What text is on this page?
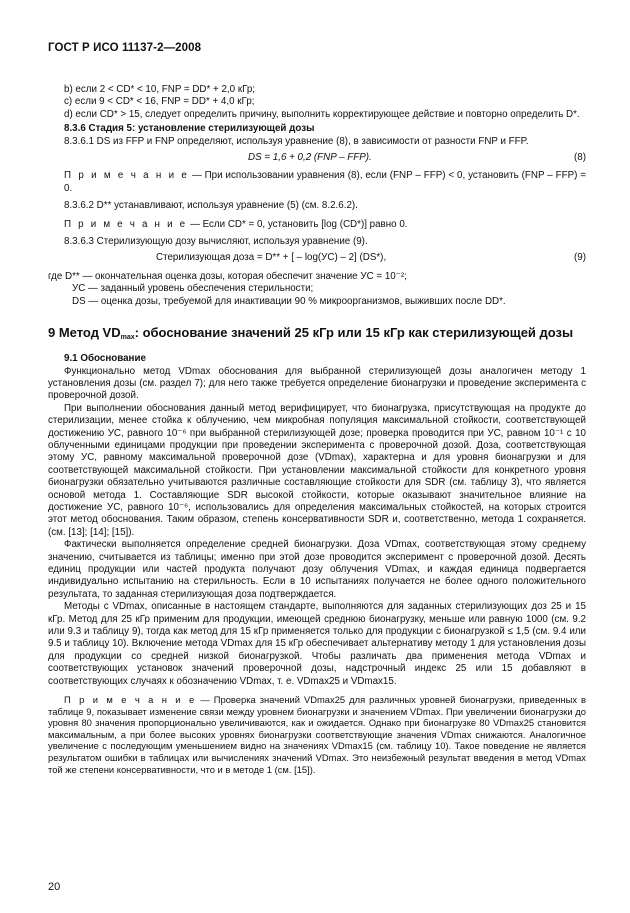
ГОСТ Р ИСО 11137-2—2008

b) если 2 < CD* < 10, FNP = DD* + 2,0 кГр;

c) если 9 < CD* < 16, FNP = DD* + 4,0 кГр;

d) если CD* > 15, следует определить причину, выполнить корректирующее действие и повторно определить D*.

8.3.6 Стадия 5: установление стерилизующей дозы

8.3.6.1 DS из FFP и FNP определяют, используя уравнение (8), в зависимости от разности FNP и FFP.

DS = 1,6 + 0,2 (FNP – FFP).	(8)

П р и м е ч а н и е — При использовании уравнения (8), если (FNP – FFP) < 0, установить (FNP – FFP) = 0.

8.3.6.2 D** устанавливают, используя уравнение (5) (см. 8.2.6.2).

П р и м е ч а н и е — Если CD* = 0, установить [log (CD*)] равно 0.

8.3.6.3 Стерилизующую дозу вычисляют, используя уравнение (9).

Стерилизующая доза = D** + [ – log(УС) – 2] (DS*),	(9)

где D** — окончательная оценка дозы, которая обеспечит значение УС = 10⁻²;

УС — заданный уровень обеспечения стерильности;

DS — оценка дозы, требуемой для инактивации 90 % микроорганизмов, выживших после DD*.

9 Метод $VD_{max}$: обоснование значений 25 кГр или 15 кГр как стерилизующей дозы

9.1 Обоснование

Функционально метод VDmax обоснования для выбранной стерилизующей дозы аналогичен методу 1 установления дозы (см. раздел 7); для него также требуется определение бионагрузки и проведение эксперимента с проверочной дозой.

При выполнении обоснования данный метод верифицирует, что бионагрузка, присутствующая на продукте до стерилизации, менее стойка к облучению, чем микробная популяция максимальной стойкости, соответствующей достижению УС, равного 10⁻⁶ при выбранной стерилизующей дозе; проверка проводится при УС, равном 10⁻¹ с 10 облученными единицами продукции при проведении эксперимента с проверочной дозой. Доза, соответствующая этому УС, равному максимальной проверочной дозе (VDmax), характерна и для уровня бионагрузки и для соответствующей максимальной стойкости. При установлении максимальной стойкости для конкретного уровня бионагрузки обязательно учитываются различные составляющие стойкости для SDR (см. таблицу 3), что является основой метода 1. Составляющие SDR высокой стойкости, которые оказывают значительное влияние на достижение УС, равного 10⁻⁶, использовались для определения максимальных стойкостей, на которых строится этот метод обоснования. Таким образом, степень консервативности SDR и, соответственно, метода 1 сохраняется. (см. [13]; [14]; [15]).

Фактически выполняется определение средней бионагрузки. Доза VDmax, соответствующая этому среднему значению, считывается из таблицы; именно при этой дозе проводится эксперимент с проверочной дозой. Десять единиц продукции или частей продукта получают дозу облучения VDmax, и каждая единица подвергается индивидуально испытанию на стерильность. Если в 10 испытаниях получается не более одного положительного результата, то заданная стерилизующая доза подтверждается.

Методы с VDmax, описанные в настоящем стандарте, выполняются для заданных стерилизующих доз 25 и 15 кГр. Метод для 25 кГр применим для продукции, имеющей среднюю бионагрузку, меньше или равную 1000 (см. 9.2 или 9.3 и таблицу 9), тогда как метод для 15 кГр применяется только для продукции с бионагрузкой ≤ 1,5 (см. 9.4 или 9.5 и таблицу 10). Включение метода VDmax для 15 кГр обеспечивает альтернативу методу 1 для установления дозы для продукции со средней низкой бионагрузкой. Чтобы различать два применения метода VDmax и соответствующих установок значений проверочной дозы, надстрочный индекс 25 или 15 добавляют в соответствующих случаях к обозначению VDmax, т. е. VDmax25 и VDmax15.

П р и м е ч а н и е — Проверка значений VDmax25 для различных уровней бионагрузки, приведенных в таблице 9, показывает изменение связи между уровнем бионагрузки и значением VDmax. При увеличении бионагрузки до уровня 80 значения пропорционально увеличиваются, как и ожидается. Однако при бионагрузке 80 VDmax25 становится максимальным, а при более высоких уровнях бионагрузки соответствующие значения VDmax снижаются. Аналогичное увеличение с последующим уменьшением видно на значениях VDmax15 (см. таблицу 10). Такое поведение не является результатом ошибки в таблицах или вычислениях значений VDmax. Это неизбежный результат введения в метод VDmax той же степени консервативности, что и в методе 1 (см. [15]).

20
